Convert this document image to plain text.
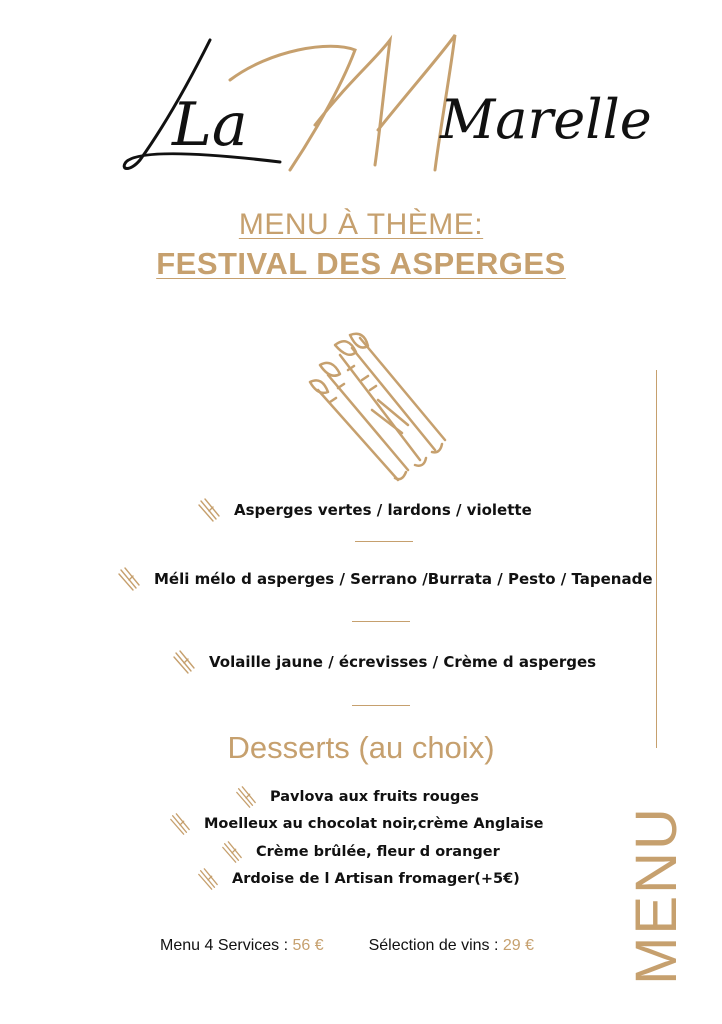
La	Marelle
MENU À THÈME:
FESTIVAL DES ASPERGES
Asperges vertes / lardons / violette
Méli mélo d asperges / Serrano /Burrata / Pesto / Tapenade
Volaille jaune / écrevisses / Crème d asperges
Desserts (au choix)
Pavlova aux fruits rouges
Moelleux au chocolat noir,crème Anglaise
Crème brûlée, fleur d oranger
Ardoise de l Artisan fromager(+5€)
Menu 4 Services : 56 €	Sélection de vins : 29 € MENU
